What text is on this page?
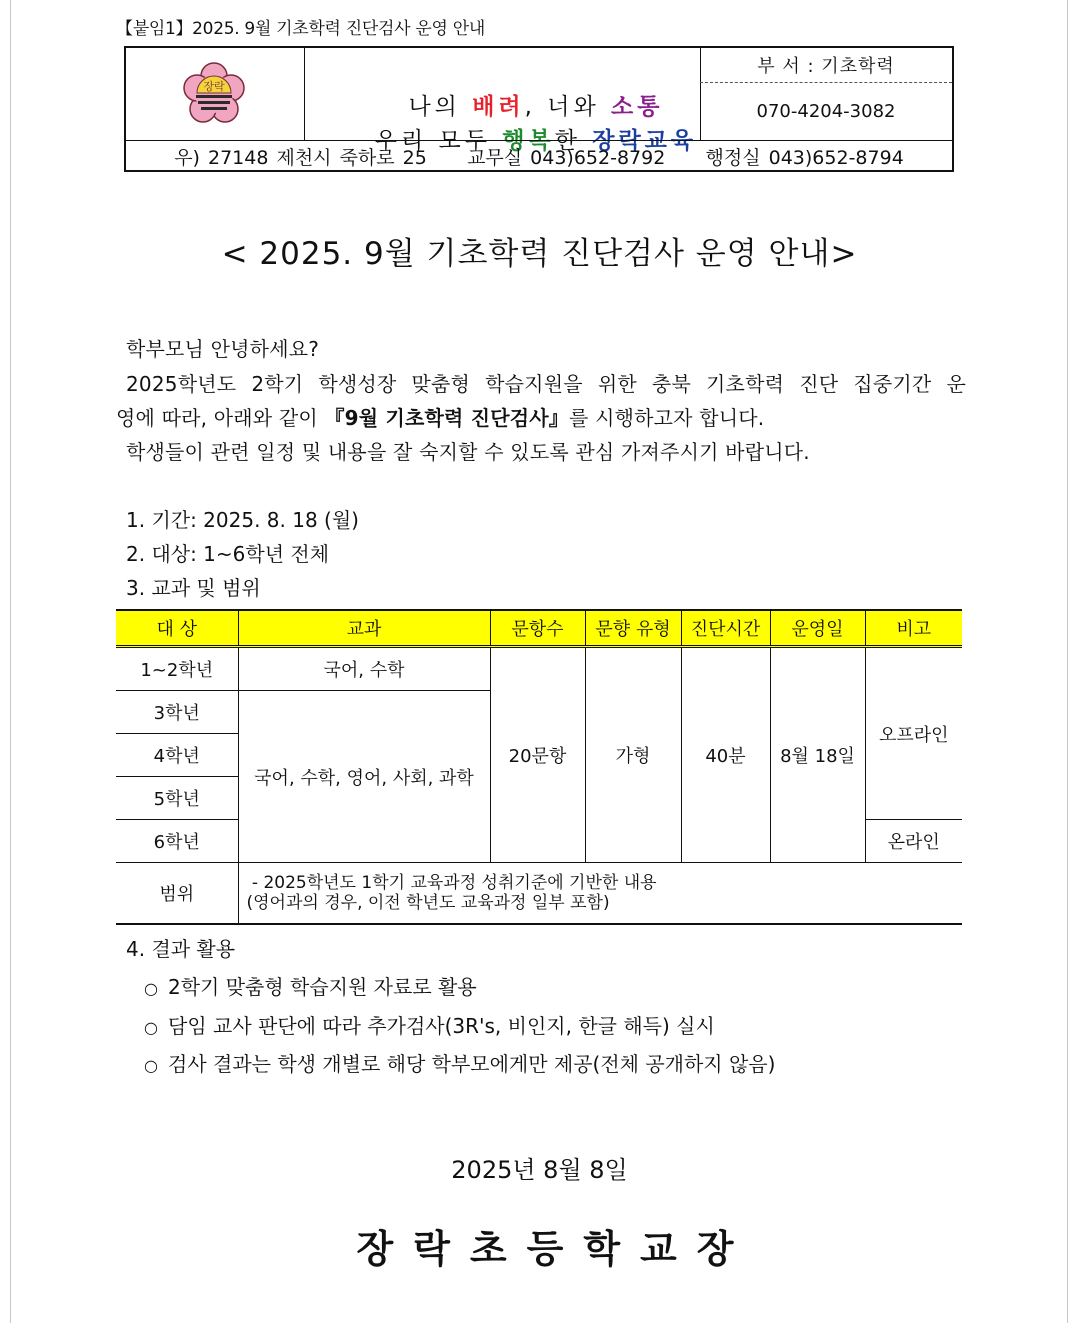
【붙임1】2025. 9월 기초학력 진단검사 운영 안내
장락

나의 배려, 너와 소통

우리 모두 행복한 장락교육

부 서 : 기초학력
070-4204-3082
우) 27148 제천시 죽하로 25
교무실 043)652-8792
행정실 043)652-8794
< 2025. 9월 기초학력 진단검사 운영 안내>
학부모님 안녕하세요?
2025학년도 2학기 학생성장 맞춤형 학습지원을 위한 충북 기초학력 진단 집중기간 운
영에 따라, 아래와 같이 『9월 기초학력 진단검사』를 시행하고자 합니다.
학생들이 관련 일정 및 내용을 잘 숙지할 수 있도록 관심 가져주시기 바랍니다.
1. 기간: 2025. 8. 18 (월)
2. 대상: 1~6학년 전체
3. 교과 및 범위
대 상	교과	문항수	문향 유형	진단시간	운영일	비고
1~2학년	국어, 수학	20문항	가형	40분	8월 18일	오프라인
3학년	국어, 수학, 영어, 사회, 과학					
4학년						
5학년						
6학년						온라인
범위	- 2025학년도 1학기 교육과정 성취기준에 기반한 내용
(영어과의 경우, 이전 학년도 교육과정 일부 포함)					
4. 결과 활용
○ 2학기 맞춤형 학습지원 자료로 활용
○ 담임 교사 판단에 따라 추가검사(3R's, 비인지, 한글 해득) 실시
○ 검사 결과는 학생 개별로 해당 학부모에게만 제공(전체 공개하지 않음)
2025년 8월 8일
장락초등학교장
